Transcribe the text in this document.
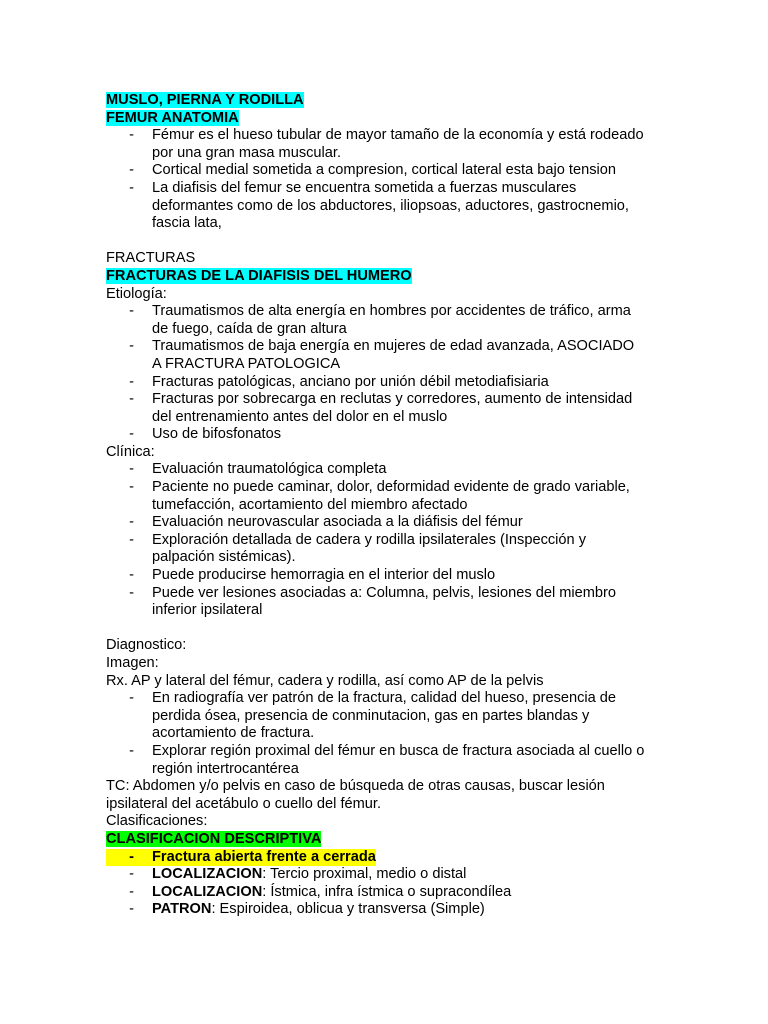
MUSLO, PIERNA Y RODILLA
FEMUR ANATOMIA
-	Fémur es el hueso tubular de mayor tamaño de la economía y está rodeado
por una gran masa muscular.
-	Cortical medial sometida a compresion, cortical lateral esta bajo tension
-	La diafisis del femur se encuentra sometida a fuerzas musculares
deformantes como de los abductores, iliopsoas, aductores, gastrocnemio,
fascia lata,
FRACTURAS
FRACTURAS DE LA DIAFISIS DEL HUMERO
Etiología:
-	Traumatismos de alta energía en hombres por accidentes de tráfico, arma
de fuego, caída de gran altura
-	Traumatismos de baja energía en mujeres de edad avanzada, ASOCIADO
A FRACTURA PATOLOGICA
-	Fracturas patológicas, anciano por unión débil metodiafisiaria
-	Fracturas por sobrecarga en reclutas y corredores, aumento de intensidad
del entrenamiento antes del dolor en el muslo
-	Uso de bifosfonatos
Clínica:
-	Evaluación traumatológica completa
-	Paciente no puede caminar, dolor, deformidad evidente de grado variable,
tumefacción, acortamiento del miembro afectado
-	Evaluación neurovascular asociada a la diáfisis del fémur
-	Exploración detallada de cadera y rodilla ipsilaterales (Inspección y
palpación sistémicas).
-	Puede producirse hemorragia en el interior del muslo
-	Puede ver lesiones asociadas a: Columna, pelvis, lesiones del miembro
inferior ipsilateral
Diagnostico:
Imagen:
Rx. AP y lateral del fémur, cadera y rodilla, así como AP de la pelvis
-	En radiografía ver patrón de la fractura, calidad del hueso, presencia de
perdida ósea, presencia de conminutacion, gas en partes blandas y
acortamiento de fractura.
-	Explorar región proximal del fémur en busca de fractura asociada al cuello o
región intertrocantérea
TC: Abdomen y/o pelvis en caso de búsqueda de otras causas, buscar lesión
ipsilateral del acetábulo o cuello del fémur.
Clasificaciones:
CLASIFICACION DESCRIPTIVA
-	Fractura abierta frente a cerrada
-	LOCALIZACION: Tercio proximal, medio o distal
-	LOCALIZACION: Ístmica, infra ístmica o supracondílea
-	PATRON: Espiroidea, oblicua y transversa (Simple)
